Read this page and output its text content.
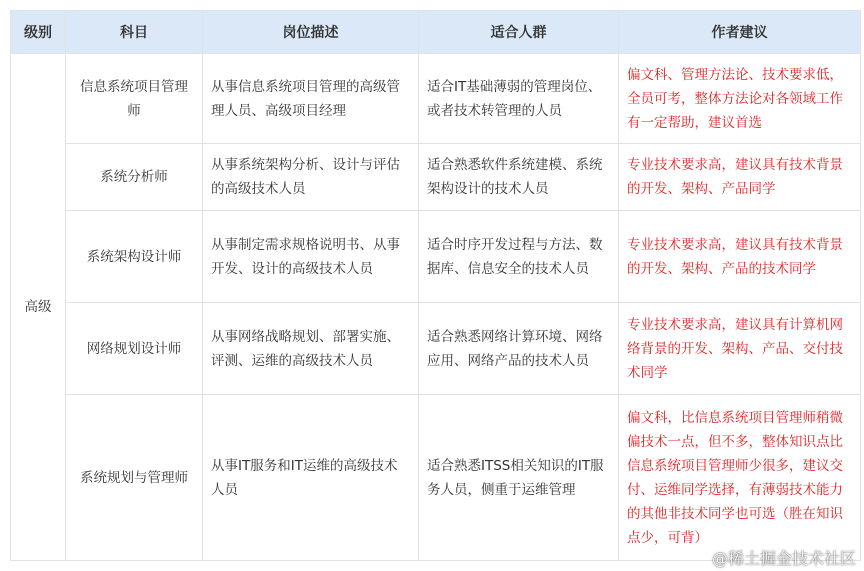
级别	科目	岗位描述	适合人群	作者建议
高级	信息系统项目管理师	从事信息系统项目管理的高级管理人员、高级项目经理	适合IT基础薄弱的管理岗位、或者技术转管理的人员	偏文科、管理方法论、技术要求低，全员可考，整体方法论对各领域工作有一定帮助，建议首选
	系统分析师	从事系统架构分析、设计与评估的高级技术人员	适合熟悉软件系统建模、系统架构设计的技术人员	专业技术要求高，建议具有技术背景的开发、架构、产品同学
	系统架构设计师	从事制定需求规格说明书、从事开发、设计的高级技术人员	适合时序开发过程与方法、数据库、信息安全的技术人员	专业技术要求高，建议具有技术背景的开发、架构、产品的技术同学
	网络规划设计师	从事网络战略规划、部署实施、评测、运维的高级技术人员	适合熟悉网络计算环境、网络应用、网络产品的技术人员	专业技术要求高，建议具有计算机网络背景的开发、架构、产品、交付技术同学
	系统规划与管理师	从事IT服务和IT运维的高级技术人员	适合熟悉ITSS相关知识的IT服务人员，侧重于运维管理	偏文科，比信息系统项目管理师稍微偏技术一点，但不多，整体知识点比信息系统项目管理师少很多，建议交付、运维同学选择，有薄弱技术能力的其他非技术同学也可选（胜在知识点少，可背）
@稀土掘金技术社区
